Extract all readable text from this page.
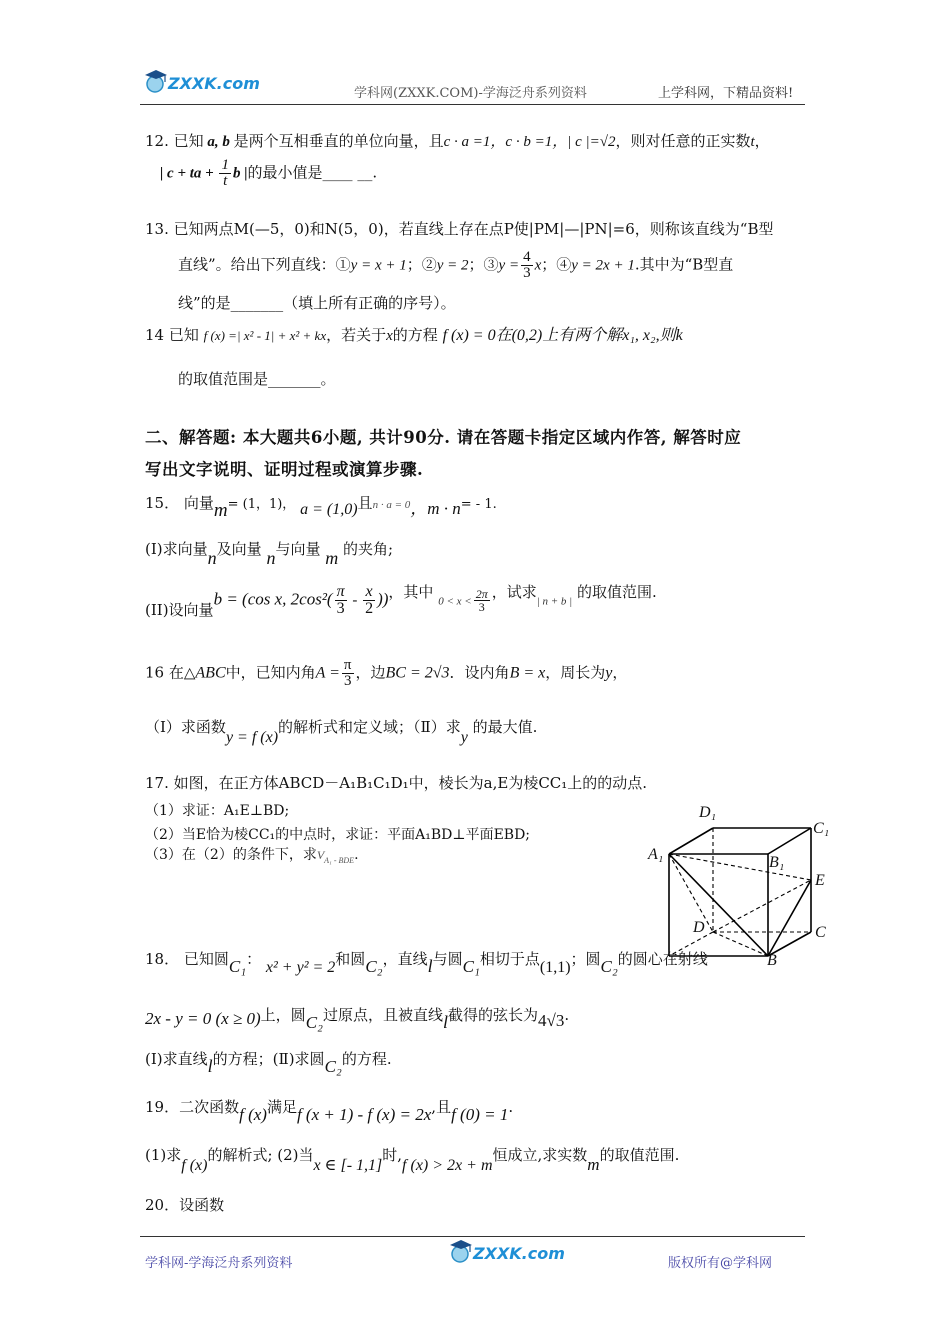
ZXXK.com
学科网(ZXXK.COM)-学海泛舟系列资料	上学科网，下精品资料!
12. 已知 a, b 是两个互相垂直的单位向量，且c · a =1，c · b =1，| c |=√2，则对任意的正实数t，
| c + ta + $\frac{1}{t}$ b |的最小值是____ __.
13. 已知两点M(—5，0)和N(5，0)，若直线上存在点P使|PM|—|PN|=6，则称该直线为“B型
直线”。给出下列直线：①y = x + 1；②y = 2；③y = $\frac{4}{3}$ x；④y = 2x + 1.其中为“B型直
线”的是_______（填上所有正确的序号）。
14 已知 f (x) =| x² - 1| + x² + kx，若关于x的方程 f (x) = 0在(0,2)上有两个解x₁, x₂,则k
的取值范围是_______。
二、解答题: 本大题共6小题, 共计90分. 请在答题卡指定区域内作答, 解答时应
写出文字说明、证明过程或演算步骤.
15． 向量m= (1，1)， a = (1,0)且n · a = 0，m · n= - 1.
(I)求向量n及向量 n与向量 m 的夹角;
(II)设向量b = (cos x, $2\cos^2( \frac{\pi}{3} - \frac{x}{2}$ ))，其中 $0 < x < \frac{2\pi}{3}$ ，试求| n + b | 的取值范围.
16 在△ABC中，已知内角$A = \frac{\pi}{3}$ ，边BC = 2√3．设内角B = x，周长为y，
（Ⅰ）求函数y = f (x)的解析式和定义域；（Ⅱ）求y 的最大值.
17. 如图，在正方体ABCD－A₁B₁C₁D₁中，棱长为a,E为棱CC₁上的的动点.
（1）求证：A₁E⊥BD;
（2）当E恰为棱CC₁的中点时，求证：平面A₁BD⊥平面EBD;
（3）在（2）的条件下，求$V_{A_1 - BDE}$.
D₁
C₁
A₁	B₁
E
D	C
B
18． 已知圆C₁： x² + y² = 2和圆C₂，直线l与圆C₁相切于点(1,1)；圆C₂的圆心在射线
2x - y = 0 (x ≥ 0)上，圆C₂过原点，且被直线l截得的弦长为4√3.
(Ⅰ)求直线l的方程；(Ⅱ)求圆C₂的方程.
19．二次函数f (x)满足f (x + 1) - f (x) = 2x,且f (0) = 1.
(1)求f (x)的解析式; (2)当x ∈ [- 1,1]时,f (x) > 2x + m恒成立,求实数m的取值范围.
20．设函数
学科网-学海泛舟系列资料
ZXXK.com
版权所有@学科网
